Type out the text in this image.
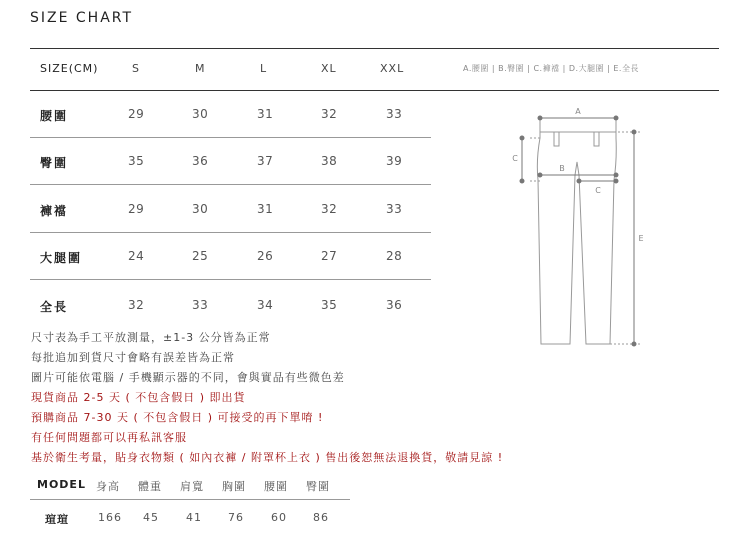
SIZE CHART
SIZE(CM)	S	M	L	XL	XXL	A.腰圍 | B.臀圍 | C.褲襠 | D.大腿圍 | E.全長
腰圍	29	30	31	32	33
臀圍	35	36	37	38	39
褲襠	29	30	31	32	33
大腿圍	24	25	26	27	28
全長	32	33	34	35	36
尺寸表為手工平放測量，±1-3 公分皆為正常
每批追加到貨尺寸會略有誤差皆為正常
圖片可能依電腦 / 手機顯示器的不同，會與實品有些微色差
現貨商品 2-5 天 ( 不包含假日 ) 即出貨
預購商品 7-30 天 ( 不包含假日 ) 可接受的再下單唷 !
有任何問題都可以再私訊客服
基於衛生考量，貼身衣物類 ( 如內衣褲 / 附罩杯上衣 ) 售出後恕無法退換貨，敬請見諒 !
MODEL 身高 體重 肩寬 胸圍 腰圍 臀圍
瑄瑄	166 45 41 76 60 86
A
B
C
C
E
